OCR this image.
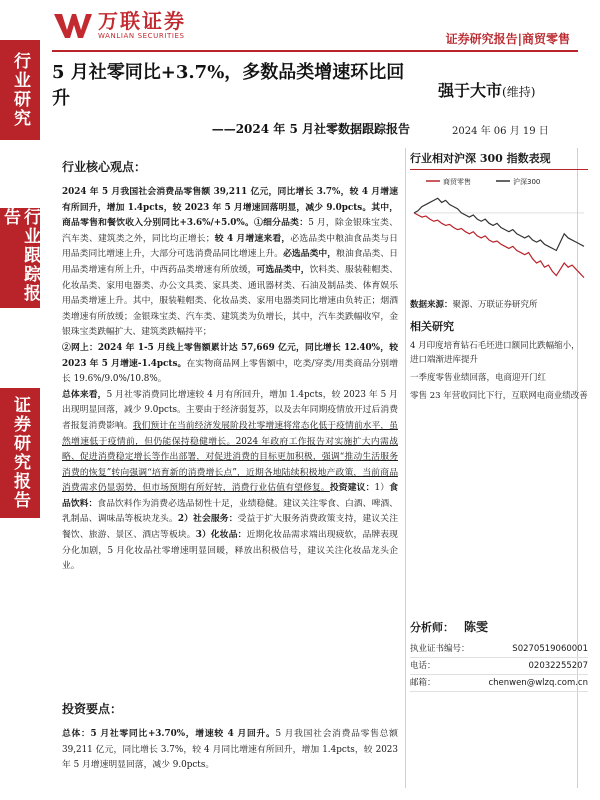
行业研究
行业跟踪报告
证券研究报告
万联证券
WANLIAN SECURITIES	证券研究报告|商贸零售
5 月社零同比+3.7%，多数品类增速环比回升
——2024 年 5 月社零数据跟踪报告
强于大市(维持)
2024 年 06 月 19 日
行业核心观点：

2024 年 5 月我国社会消费品零售额 39,211 亿元，同比增长 3.7%，较 4 月增速有所回升，增加 1.4pcts，较 2023 年 5 月增速回落明显，减少 9.0pcts。其中，商品零售和餐饮收入分别同比+3.6%/+5.0%。①细分品类：5 月，除金银珠宝类、汽车类、建筑类之外，同比均正增长；较 4 月增速来看，必选品类中粮油食品类与日用品类同比增速上升，大部分可选消费品同比增速上升。必选品类中，粮油食品类、日用品类增速有所上升，中西药品类增速有所放缓，可选品类中，饮料类、服装鞋帽类、化妆品类、家用电器类、办公文具类、家具类、通讯器材类、石油及制品类、体育娱乐用品类增速上升。其中，服装鞋帽类、化妆品类、家用电器类同比增速由负转正；烟酒类增速有所放缓；金银珠宝类、汽车类、建筑类为负增长，其中，汽车类跌幅收窄，金银珠宝类跌幅扩大、建筑类跌幅持平；

②网上：2024 年 1-5 月线上零售额累计达 57,669 亿元，同比增长 12.40%，较 2023 年 5 月增速-1.4pcts。在实物商品网上零售额中，吃类/穿类/用类商品分别增长 19.6%/9.0%/10.8%。

总体来看，5 月社零消费同比增速较 4 月有所回升，增加 1.4pcts，较 2023 年 5 月出现明显回落，减少 9.0pcts。主要由于经济弱复苏，以及去年同期疫情放开过后消费者报复消费影响。我们预计在当前经济发展阶段社零增速将常态化低于疫情前水平，虽然增速低于疫情前，但仍能保持稳健增长。2024 年政府工作报告对实施扩大内需战略、促进消费稳定增长等作出部署，对促进消费的目标更加积极，强调“推动生活服务消费的恢复”转向强调“培育新的消费增长点”，近期各地陆续积极地产政策，当前商品消费需求仍显弱势，但市场预期有所好转，消费行业估值有望修复。投资建议：1）食品饮料：食品饮料作为消费必选品韧性十足，业绩稳健。建议关注零食、白酒、啤酒、乳制品、调味品等板块龙头。2）社会服务：受益于扩大服务消费政策支持，建议关注餐饮、旅游、景区、酒店等板块。3）化妆品：近期化妆品需求端出现疲软，品牌表现分化加剧，5 月化妆品社零增速明显回暖，释放出积极信号，建议关注化妆品龙头企业。

投资要点：
总体：5 月社零同比+3.70%，增速较 4 月回升。5 月我国社会消费品零售总额 39,211 亿元，同比增长 3.7%，较 4 月同比增速有所回升，增加 1.4pcts，较 2023 年 5 月增速明显回落，减少 9.0pcts。
行业相对沪深 300 指数表现
商贸零售	沪深300
数据来源：聚源、万联证券研究所
相关研究
4 月印度培育钻石毛坯进口额同比跌幅缩小，进口端渐进库提升
一季度零售业绩回落，电商迎开门红
零售 23 年营收同比下行，互联网电商业绩改善
分析师： 陈雯
执业证书编号：	S0270519060001
电话：	02032255207
邮箱：	chenwen@wlzq.com.cn
